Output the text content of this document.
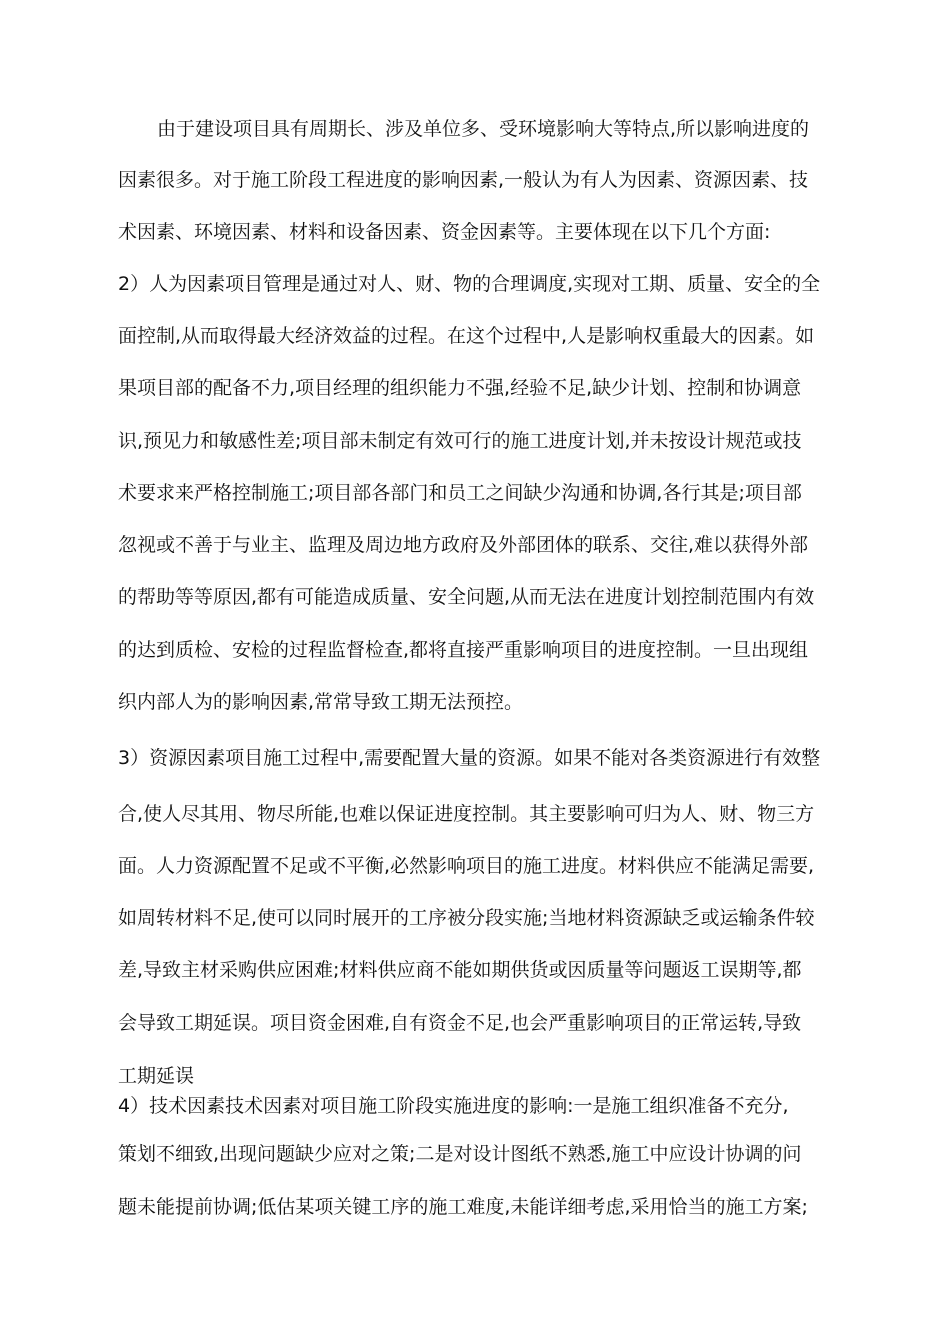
由于建设项目具有周期长、涉及单位多、受环境影响大等特点,所以影响进度的
因素很多。对于施工阶段工程进度的影响因素,一般认为有人为因素、资源因素、技
术因素、环境因素、材料和设备因素、资金因素等。主要体现在以下几个方面:
2）人为因素项目管理是通过对人、财、物的合理调度,实现对工期、质量、安全的全
面控制,从而取得最大经济效益的过程。在这个过程中,人是影响权重最大的因素。如
果项目部的配备不力,项目经理的组织能力不强,经验不足,缺少计划、控制和协调意
识,预见力和敏感性差;项目部未制定有效可行的施工进度计划,并未按设计规范或技
术要求来严格控制施工;项目部各部门和员工之间缺少沟通和协调,各行其是;项目部
忽视或不善于与业主、监理及周边地方政府及外部团体的联系、交往,难以获得外部
的帮助等等原因,都有可能造成质量、安全问题,从而无法在进度计划控制范围内有效
的达到质检、安检的过程监督检查,都将直接严重影响项目的进度控制。一旦出现组
织内部人为的影响因素,常常导致工期无法预控。
3）资源因素项目施工过程中,需要配置大量的资源。如果不能对各类资源进行有效整
合,使人尽其用、物尽所能,也难以保证进度控制。其主要影响可归为人、财、物三方
面。人力资源配置不足或不平衡,必然影响项目的施工进度。材料供应不能满足需要,
如周转材料不足,使可以同时展开的工序被分段实施;当地材料资源缺乏或运输条件较
差,导致主材采购供应困难;材料供应商不能如期供货或因质量等问题返工误期等,都
会导致工期延误。项目资金困难,自有资金不足,也会严重影响项目的正常运转,导致
工期延误
4）技术因素技术因素对项目施工阶段实施进度的影响:一是施工组织准备不充分,
策划不细致,出现问题缺少应对之策;二是对设计图纸不熟悉,施工中应设计协调的问
题未能提前协调;低估某项关键工序的施工难度,未能详细考虑,采用恰当的施工方案;
